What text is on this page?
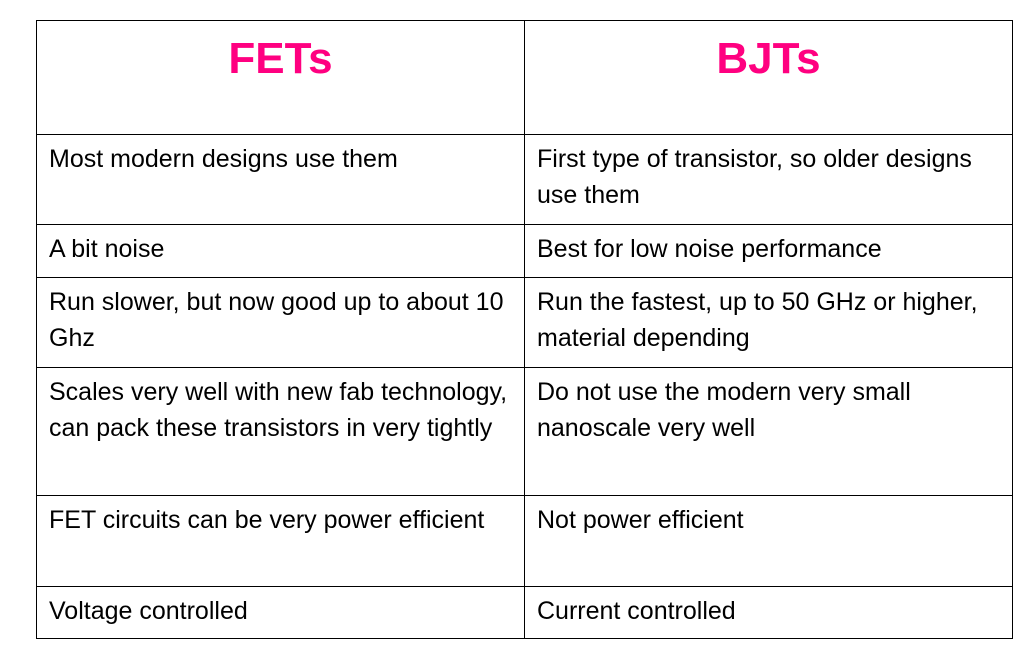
FETs	BJTs
Most modern designs use them	First type of transistor, so older designs use them
A bit noise	Best for low noise performance
Run slower, but now good up to about 10 Ghz	Run the fastest, up to 50 GHz or higher, material depending
Scales very well with new fab technology, can pack these transistors in very tightly	Do not use the modern very small nanoscale very well
FET circuits can be very power efficient	Not power efficient
Voltage controlled	Current controlled
